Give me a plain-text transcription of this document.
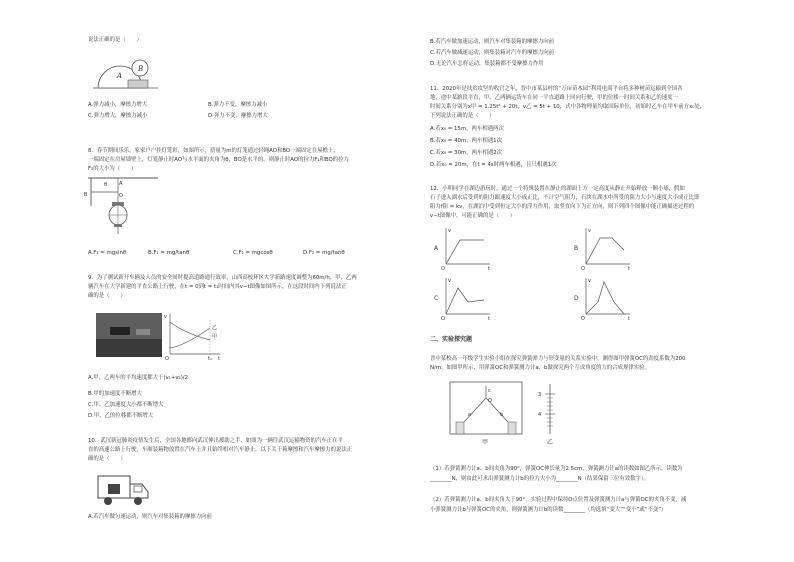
说法正确的是（　　）
A
B
A.弹力减小，摩擦力增大	B.弹力不变，摩擦力减小
C.弹力增大，摩擦力减小	D.弹力不变，摩擦力增大
8．春节期间乐乐，家家户户挂灯笼彩，如图所示，质量为m的灯笼通过轻绳AO和BO一端固定在屋檐上，
一端固定在房屋墙壁上，灯笼静止时AO与水平面的夹角为θ，BO是水平的。则静止时AO的拉力F₁和BO的拉力
F₂的大小为（　　）
θ A
O
B
A.F₁ = mgsinθ	B.F₁ = mg/tanθ	C.F₂ = mgcosθ	D.F₂ = mg/tanθ
9．为了测试新开车辆及人员的安全间时提高道路通行效率，山西高校环区大学新路速度调整为60m/h。甲、乙两
辆汽车在大学新建的平直公路上行驶，在t = 0到t = t₁时间内其v−t图像如图所示，在这段时间内下列说法正
确的是（　　）
v
t
O	t₁
甲
乙
A.甲、乙两车的平均速度都大于(v₁+v₂)/2
B.甲的加速度不断增大
C.甲、乙加速度大小都不断增大
D.甲、乙的位移都不断增大
10．武汉新冠肺炎疫情发生后，全国各地都向武汉伸出援助之手，如图为一辆往武汉运输物资的汽车正在平
直的高速公路上行驶，车厢装箱物放置在汽车上并且始终相对汽车静止。以下关于箱摩擦和汽车摩擦力的说法正
确的是（　　）
A.若汽车做匀速运动，则汽车对集装箱的摩擦力向前
B.若汽车做加速运动，则汽车对集装箱的摩擦力向前
C.若汽车做减速运动，则集装箱对汽车的摩擦力向前
D.无论汽车怎样运动，集装箱都不受摩擦力作用
11．2020年是扶贫攻坚的收官之年，晋中市某县村的“万亩苗木园”利用电商平台将多种树苗运输到全国各
地，途中某路段平直，甲、乙两辆运货车在同一平直道路上同向行驶，甲的位移一时间关系和乙的速度一
时间关系分别为x甲 = 1.25t² + 20t，v乙 = 5t + 10，式中各物理量均取国际单位，初始时乙车在甲车前方x₀处，
下列说法正确的是（　　）
A.若x₀ = 15m，两车相遇两次
B.若x₀ = 40m，两车相遇1次
C.若x₀ = 30m，两车相遇2次
D.若x₀ = 20m，在t = 4s时两车相遇，且只相遇1次
12．小明同学在湖边游玩时，通过一个特殊装置在静止的湖面上方一定高度从静止开始释放一颗小球，假如
石子进入湖水后受到的阻力跟速度大小成正比，不计空气阻力，石块在湖水中所受的阻力大小与速度大小成正比即
阻力f阻 = kv，在湖泊中受到恒定大小的浮力作用，取竖直向下为正方向，则下列四个图像中能正确描述过程的
v−t图像中，可能正确的是（　　）
A
v
t
O
B
v
t
O
C
v
t
O
D
v
t
O
二、实验探究题
晋中某校高一年级学生实验小组在探究弹簧弹力与形变量的关系实验中，测得图甲弹簧OC的劲度系数为200
N/m，如图甲所示，用弹簧OC和弹簧测力计a、b做探究两个互成角度的力的合成规律实验。
c
O
a	b
甲
3
4
乙
（1）若弹簧测力计a、b间夹角为90°，弹簧OC伸长量为2.5cm，弹簧测力计a的读数如图乙所示，读数为
________N，则由此可求出弹簧测力计b的拉力大小为________N（结果保留三位有效数字）。
（2）若弹簧测力计a、b间夹角大于90°，实验过程中保持O点位置及弹簧测力计a与弹簧OC的夹角不变，减
小弹簧测力计b与弹簧OC的夹角，则弹簧测力计b的读数________（均选填“变大”“变小”或“不变”）
